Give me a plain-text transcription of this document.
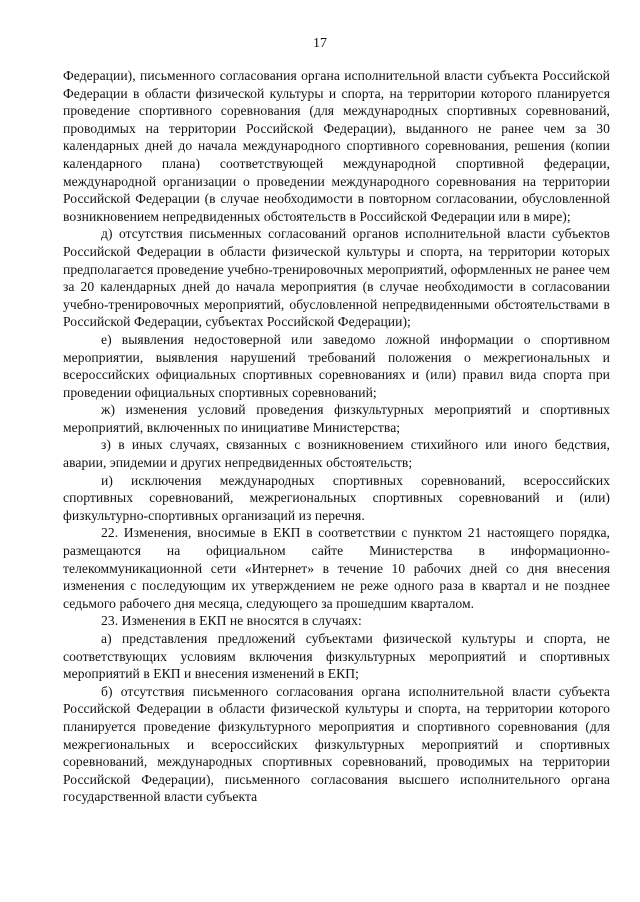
17

Федерации), письменного согласования органа исполнительной власти субъекта Российской Федерации в области физической культуры и спорта, на территории которого планируется проведение спортивного соревнования (для международных спортивных соревнований, проводимых на территории Российской Федерации), выданного не ранее чем за 30 календарных дней до начала международного спортивного соревнования, решения (копии календарного плана) соответствующей международной спортивной федерации, международной организации о проведении международного соревнования на территории Российской Федерации (в случае необходимости в повторном согласовании, обусловленной возникновением непредвиденных обстоятельств в Российской Федерации или в мире);

д) отсутствия письменных согласований органов исполнительной власти субъектов Российской Федерации в области физической культуры и спорта, на территории которых предполагается проведение учебно-тренировочных мероприятий, оформленных не ранее чем за 20 календарных дней до начала мероприятия (в случае необходимости в согласовании учебно-тренировочных мероприятий, обусловленной непредвиденными обстоятельствами в Российской Федерации, субъектах Российской Федерации);

е) выявления недостоверной или заведомо ложной информации о спортивном мероприятии, выявления нарушений требований положения о межрегиональных и всероссийских официальных спортивных соревнованиях и (или) правил вида спорта при проведении официальных спортивных соревнований;

ж) изменения условий проведения физкультурных мероприятий и спортивных мероприятий, включенных по инициативе Министерства;

з) в иных случаях, связанных с возникновением стихийного или иного бедствия, аварии, эпидемии и других непредвиденных обстоятельств;

и) исключения международных спортивных соревнований, всероссийских спортивных соревнований, межрегиональных спортивных соревнований и (или) физкультурно-спортивных организаций из перечня.

22. Изменения, вносимые в ЕКП в соответствии с пунктом 21 настоящего порядка, размещаются на официальном сайте Министерства в информационно-телекоммуникационной сети «Интернет» в течение 10 рабочих дней со дня внесения изменения с последующим их утверждением не реже одного раза в квартал и не позднее седьмого рабочего дня месяца, следующего за прошедшим кварталом.

23. Изменения в ЕКП не вносятся в случаях:

а) представления предложений субъектами физической культуры и спорта, не соответствующих условиям включения физкультурных мероприятий и спортивных мероприятий в ЕКП и внесения изменений в ЕКП;

б) отсутствия письменного согласования органа исполнительной власти субъекта Российской Федерации в области физической культуры и спорта, на территории которого планируется проведение физкультурного мероприятия и спортивного соревнования (для межрегиональных и всероссийских физкультурных мероприятий и спортивных соревнований, международных спортивных соревнований, проводимых на территории Российской Федерации), письменного согласования высшего исполнительного органа государственной власти субъекта
